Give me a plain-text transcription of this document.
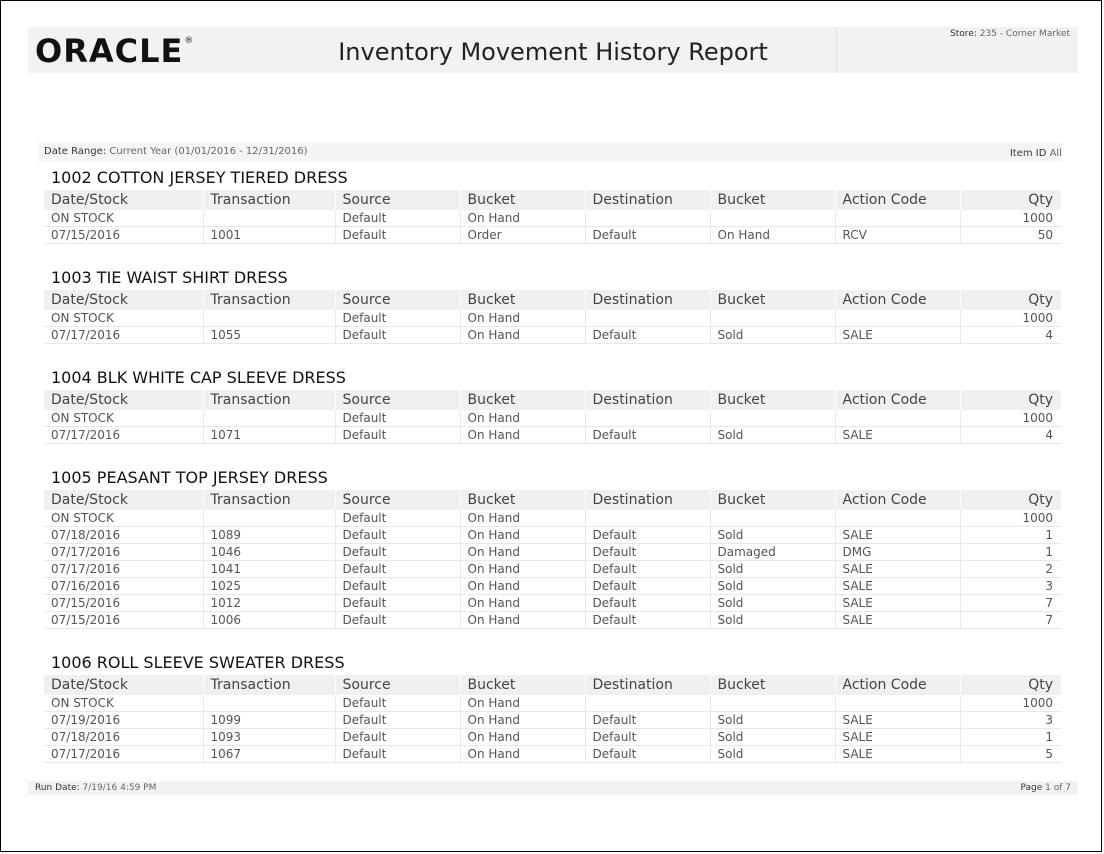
ORACLE®	Inventory Movement History Report
Store: 235 - Corner Market
Date Range: Current Year (01/01/2016 - 12/31/2016)	Item ID All
1002 COTTON JERSEY TIERED DRESS
Date/Stock	Transaction	Source	Bucket	Destination	Bucket	Action Code	Qty
ON STOCK		Default	On Hand				1000
07/15/2016	1001	Default	Order	Default	On Hand	RCV	50
1003 TIE WAIST SHIRT DRESS
Date/Stock	Transaction	Source	Bucket	Destination	Bucket	Action Code	Qty
ON STOCK		Default	On Hand				1000
07/17/2016	1055	Default	On Hand	Default	Sold	SALE	4
1004 BLK WHITE CAP SLEEVE DRESS
Date/Stock	Transaction	Source	Bucket	Destination	Bucket	Action Code	Qty
ON STOCK		Default	On Hand				1000
07/17/2016	1071	Default	On Hand	Default	Sold	SALE	4
1005 PEASANT TOP JERSEY DRESS
Date/Stock	Transaction	Source	Bucket	Destination	Bucket	Action Code	Qty
ON STOCK		Default	On Hand				1000
07/18/2016	1089	Default	On Hand	Default	Sold	SALE	1
07/17/2016	1046	Default	On Hand	Default	Damaged	DMG	1
07/17/2016	1041	Default	On Hand	Default	Sold	SALE	2
07/16/2016	1025	Default	On Hand	Default	Sold	SALE	3
07/15/2016	1012	Default	On Hand	Default	Sold	SALE	7
07/15/2016	1006	Default	On Hand	Default	Sold	SALE	7
1006 ROLL SLEEVE SWEATER DRESS
Date/Stock	Transaction	Source	Bucket	Destination	Bucket	Action Code	Qty
ON STOCK		Default	On Hand				1000
07/19/2016	1099	Default	On Hand	Default	Sold	SALE	3
07/18/2016	1093	Default	On Hand	Default	Sold	SALE	1
07/17/2016	1067	Default	On Hand	Default	Sold	SALE	5
Run Date: 7/19/16 4:59 PM	Page 1 of 7
